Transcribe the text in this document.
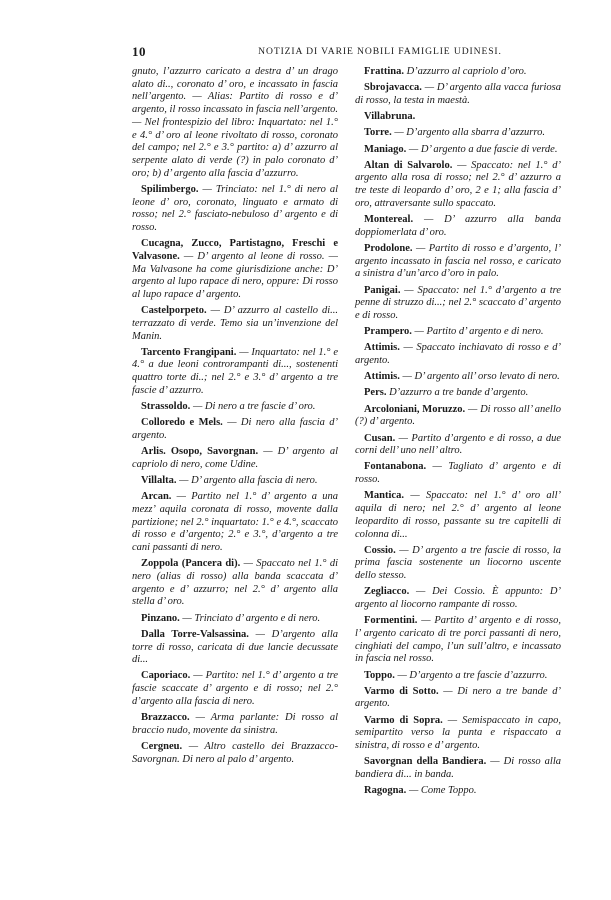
10	NOTIZIA DI VARIE NOBILI FAMIGLIE UDINESI.
gnuto, l’azzurro caricato a destra d’ un drago alato di.., coronato d’ oro, e incassato in fascia nell’argento. — Alias: Partito di rosso e d’ argento, il rosso incassato in fascia nell’argento. — Nel frontespizio del libro: Inquartato: nel 1.° e 4.° d’ oro al leone rivoltato di rosso, coronato del campo; nel 2.° e 3.° partito: a) d’ azzurro al serpente alato di verde (?) in palo coronato d’ oro; b) d’ argento alla fascia d’azzurro.
Spilimbergo. — Trinciato: nel 1.° di nero al leone d’ oro, coronato, linguato e armato di rosso; nel 2.° fasciato-nebuloso d’ argento e di rosso.
Cucagna, Zucco, Partistagno, Freschi e Valvasone. — D’ argento al leone di rosso. — Ma Valvasone ha come giurisdizione anche: D’ argento al lupo rapace di nero, oppure: Di rosso al lupo rapace d’ argento.
Castelporpeto. — D’ azzurro al castello di... terrazzato di verde. Temo sia un’invenzione del Manin.
Tarcento Frangipani. — Inquartato: nel 1.° e 4.° a due leoni controrampanti di..., sostenenti quattro torte di..; nel 2.° e 3.° d’ argento a tre fascie d’ azzurro.
Strassoldo. — Di nero a tre fascie d’ oro.
Colloredo e Mels. — Di nero alla fascia d’ argento.
Arlis. Osopo, Savorgnan. — D’ argento al capriolo di nero, come Udine.
Villalta. — D’ argento alla fascia di nero.
Arcan. — Partito nel 1.° d’ argento a una mezz’ aquila coronata di rosso, movente dalla partizione; nel 2.° inquartato: 1.° e 4.°, scaccato di rosso e d’argento; 2.° e 3.°, d’argento a tre cani passanti di nero.
Zoppola (Pancera di). — Spaccato nel 1.° di nero (alias di rosso) alla banda scaccata d’ argento e d’ azzurro; nel 2.° d’ argento alla stella d’ oro.
Pinzano. — Trinciato d’ argento e di nero.
Dalla Torre-Valsassina. — D’argento alla torre di rosso, caricata di due lancie decussate di...
Caporiaco. — Partito: nel 1.° d’ argento a tre fascie scaccate d’ argento e di rosso; nel 2.° d’argento alla fascia di nero.
Brazzacco. — Arma parlante: Di rosso al braccio nudo, movente da sinistra.
Cergneu. — Altro castello dei Brazzacco-Savorgnan. Di nero al palo d’ argento.
Frattina. D’azzurro al capriolo d’oro.
Sbrojavacca. — D’ argento alla vacca furiosa di rosso, la testa in maestà.
Villabruna.
Torre. — D’argento alla sbarra d’azzurro.
Maniago. — D’ argento a due fascie di verde.
Altan di Salvarolo. — Spaccato: nel 1.° d’ argento alla rosa di rosso; nel 2.° d’ azzurro a tre teste di leopardo d’ oro, 2 e 1; alla fascia d’ oro, attraversante sullo spaccato.
Montereal. — D’ azzurro alla banda doppiomerlata d’ oro.
Prodolone. — Partito di rosso e d’argento, l’ argento incassato in fascia nel rosso, e caricato a sinistra d’un’arco d’oro in palo.
Panigai. — Spaccato: nel 1.° d’argento a tre penne di struzzo di...; nel 2.° scaccato d’ argento e di rosso.
Prampero. — Partito d’ argento e di nero.
Attimis. — Spaccato inchiavato di rosso e d’ argento.
Attimis. — D’ argento all’ orso levato di nero.
Pers. D’azzurro a tre bande d’argento.
Arcoloniani, Moruzzo. — Di rosso all’ anello (?) d’ argento.
Cusan. — Partito d’argento e di rosso, a due corni dell’ uno nell’ altro.
Fontanabona. — Tagliato d’ argento e di rosso.
Mantica. — Spaccato: nel 1.° d’ oro all’ aquila di nero; nel 2.° d’ argento al leone leopardito di rosso, passante su tre capitelli di colonna di...
Cossio. — D’ argento a tre fascie di rosso, la prima fascia sostenente un liocorno uscente dello stesso.
Zegliacco. — Dei Cossio. È appunto: D’ argento al liocorno rampante di rosso.
Formentini. — Partito d’ argento e di rosso, l’ argento caricato di tre porci passanti di nero, cinghiati del campo, l’un sull’altro, e incassato in fascia nel rosso.
Toppo. — D’argento a tre fascie d’azzurro.
Varmo di Sotto. — Di nero a tre bande d’ argento.
Varmo di Sopra. — Semispaccato in capo, semipartito verso la punta e rispaccato a sinistra, di rosso e d’ argento.
Savorgnan della Bandiera. — Di rosso alla bandiera di... in banda.
Ragogna. — Come Toppo.
